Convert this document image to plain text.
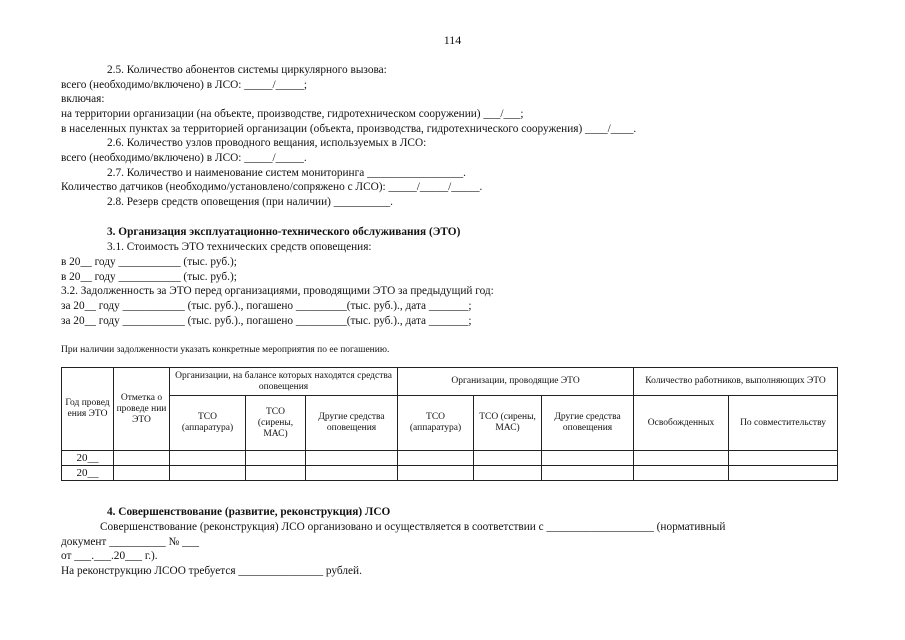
114
2.5. Количество абонентов системы циркулярного вызова:
всего (необходимо/включено) в ЛСО: _____/_____;
включая:
на территории организации (на объекте, производстве, гидротехническом сооружении) ___/___;
в населенных пунктах за территорией организации (объекта, производства, гидротехнического сооружения) ____/____.
2.6. Количество узлов проводного вещания, используемых в ЛСО:
всего (необходимо/включено) в ЛСО: _____/_____.
2.7. Количество и наименование систем мониторинга _________________.
Количество датчиков (необходимо/установлено/сопряжено с ЛСО): _____/_____/_____.
2.8. Резерв средств оповещения (при наличии) __________.
3. Организация эксплуатационно-технического обслуживания (ЭТО)
3.1. Стоимость ЭТО технических средств оповещения:
в 20__ году ___________ (тыс. руб.);
в 20__ году ___________ (тыс. руб.);
3.2. Задолженность за ЭТО перед организациями, проводящими ЭТО за предыдущий год:
за 20__ году ___________ (тыс. руб.)., погашено _________(тыс. руб.)., дата _______;
за 20__ году ___________ (тыс. руб.)., погашено _________(тыс. руб.)., дата _______;
При наличии задолженности указать конкретные мероприятия по ее погашению.
Год провед ения ЭТО	Отметка о проведе нии ЭТО	Организации, на балансе которых находятся средства оповещения			Организации, проводящие ЭТО			Количество работников, выполняющих ЭТО	
		ТСО (аппаратура)	ТСО (сирены, МАС)	Другие средства оповещения	ТСО (аппаратура)	ТСО (сирены, МАС)	Другие средства оповещения	Освобожденных	По совместительству
20__									
20__									
4. Совершенствование (развитие, реконструкция) ЛСО
Совершенствование (реконструкция) ЛСО организовано и осуществляется в соответствии с ___________________ (нормативный
документ __________ № ___
от ___.___.20___ г.).
На реконструкцию ЛСОО требуется _______________ рублей.
